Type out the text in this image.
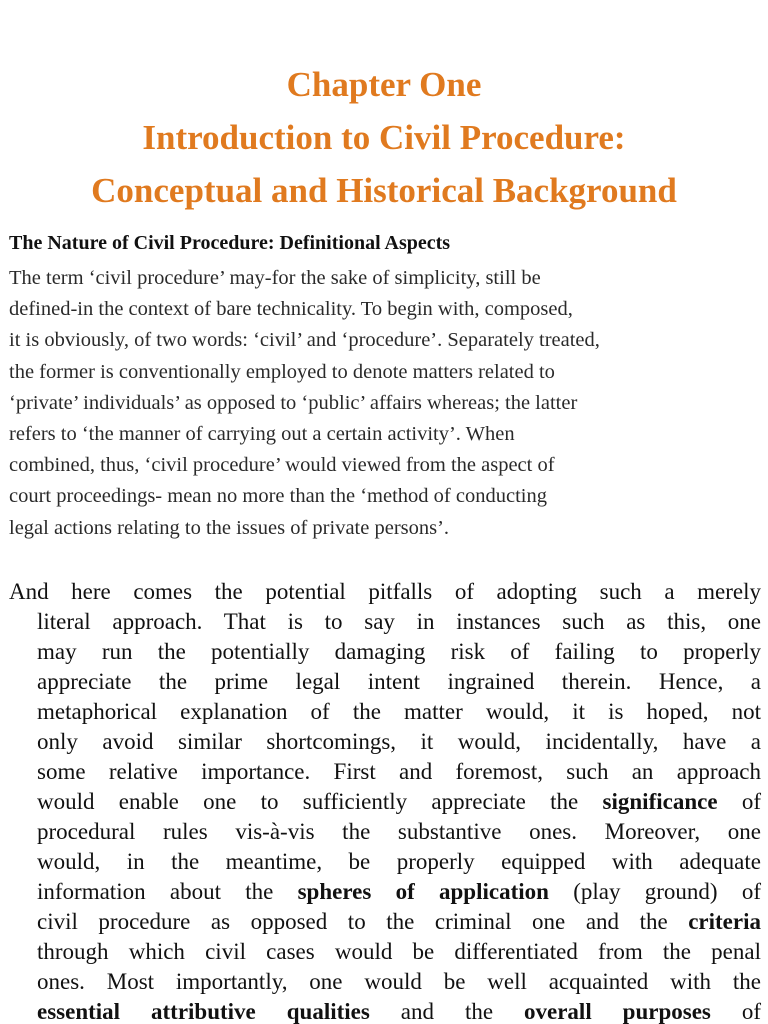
Chapter One
Introduction to Civil Procedure:
Conceptual and Historical Background
The Nature of Civil Procedure: Definitional Aspects
The term ‘civil procedure’ may-for the sake of simplicity, still be
defined-in the context of bare technicality. To begin with, composed,
it is obviously, of two words: ‘civil’ and ‘procedure’. Separately treated,
the former is conventionally employed to denote matters related to
‘private’ individuals’ as opposed to ‘public’ affairs whereas; the latter
refers to ‘the manner of carrying out a certain activity’. When
combined, thus, ‘civil procedure’ would viewed from the aspect of
court proceedings- mean no more than the ‘method of conducting
legal actions relating to the issues of private persons’.
And here comes the potential pitfalls of adopting such a merely
literal approach. That is to say in instances such as this, one
may run the potentially damaging risk of failing to properly
appreciate the prime legal intent ingrained therein. Hence, a
metaphorical explanation of the matter would, it is hoped, not
only avoid similar shortcomings, it would, incidentally, have a
some relative importance. First and foremost, such an approach
would enable one to sufficiently appreciate the significance of
procedural rules vis-à-vis the substantive ones. Moreover, one
would, in the meantime, be properly equipped with adequate
information about the spheres of application (play ground) of
civil procedure as opposed to the criminal one and the criteria
through which civil cases would be differentiated from the penal
ones. Most importantly, one would be well acquainted with the
essential attributive qualities and the overall purposes of
